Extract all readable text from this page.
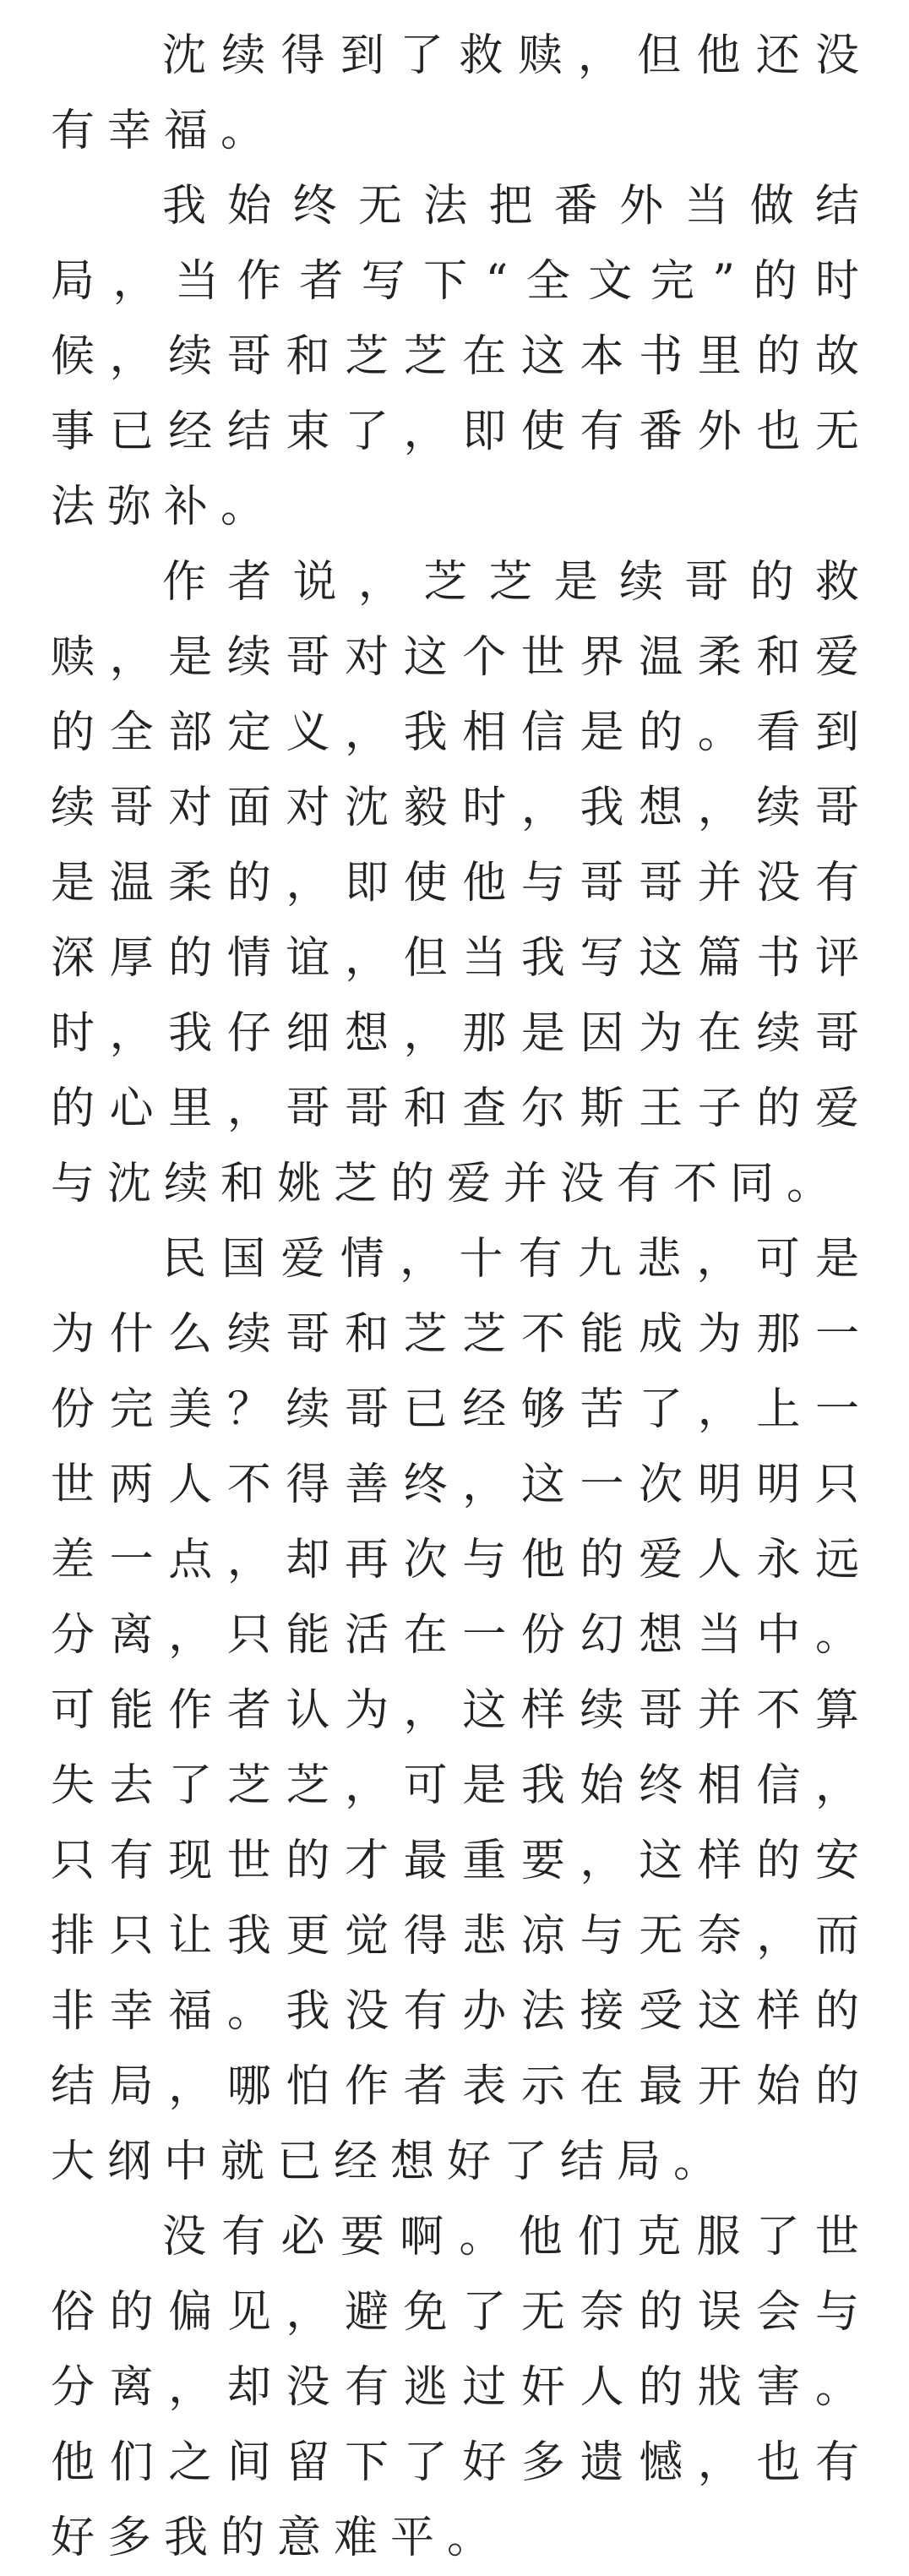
沈续得到了救赎，但他还没有幸福。

我始终无法把番外当做结局，当作者写下“全文完”的时候，续哥和芝芝在这本书里的故事已经结束了，即使有番外也无法弥补。

作者说，芝芝是续哥的救赎，是续哥对这个世界温柔和爱的全部定义，我相信是的。看到续哥对面对沈毅时，我想，续哥是温柔的，即使他与哥哥并没有深厚的情谊，但当我写这篇书评时，我仔细想，那是因为在续哥的心里，哥哥和查尔斯王子的爱与沈续和姚芝的爱并没有不同。

民国爱情，十有九悲，可是为什么续哥和芝芝不能成为那一份完美？续哥已经够苦了，上一世两人不得善终，这一次明明只差一点，却再次与他的爱人永远分离，只能活在一份幻想当中。可能作者认为，这样续哥并不算失去了芝芝，可是我始终相信，只有现世的才最重要，这样的安排只让我更觉得悲凉与无奈，而非幸福。我没有办法接受这样的结局，哪怕作者表示在最开始的大纲中就已经想好了结局。

没有必要啊。他们克服了世俗的偏见，避免了无奈的误会与分离，却没有逃过奸人的戕害。他们之间留下了好多遗憾，也有好多我的意难平。
